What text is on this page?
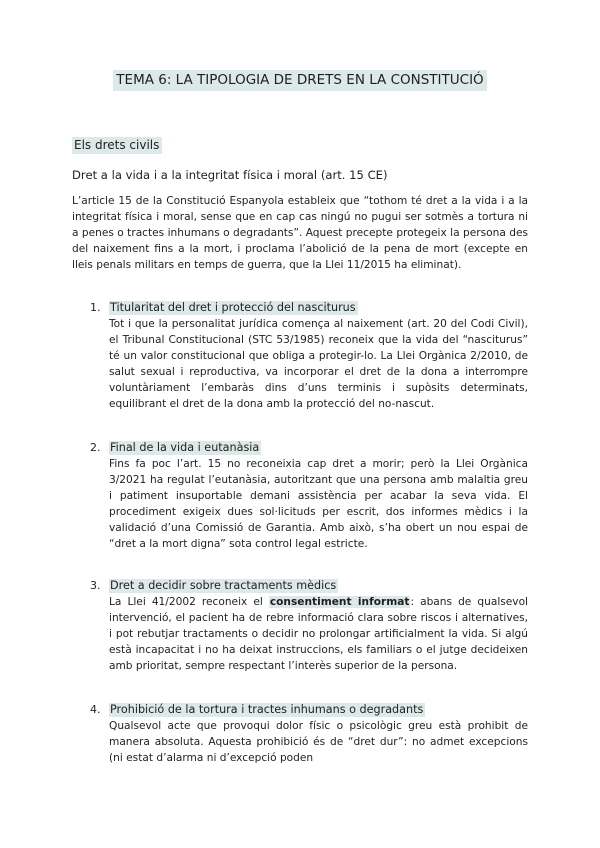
TEMA 6: LA TIPOLOGIA DE DRETS EN LA CONSTITUCIÓ
Els drets civils
Dret a la vida i a la integritat física i moral (art. 15 CE)

L’article 15 de la Constitució Espanyola estableix que “tothom té dret a la vida i a la integritat física i moral, sense que en cap cas ningú no pugui ser sotmès a tortura ni a penes o tractes inhumans o degradants”. Aquest precepte protegeix la persona des del naixement fins a la mort, i proclama l’abolició de la pena de mort (excepte en lleis penals militars en temps de guerra, que la Llei 11/2015 ha eliminat).

1. Titularitat del dret i protecció del nasciturus

Tot i que la personalitat jurídica comença al naixement (art. 20 del Codi Civil), el Tribunal Constitucional (STC 53/1985) reconeix que la vida del “nasciturus” té un valor constitucional que obliga a protegir-lo. La Llei Orgànica 2/2010, de salut sexual i reproductiva, va incorporar el dret de la dona a interrompre voluntàriament l’embaràs dins d’uns terminis i supòsits determinats, equilibrant el dret de la dona amb la protecció del no-nascut.

2. Final de la vida i eutanàsia

Fins fa poc l’art. 15 no reconeixia cap dret a morir; però la Llei Orgànica 3/2021 ha regulat l’eutanàsia, autoritzant que una persona amb malaltia greu i patiment insuportable demani assistència per acabar la seva vida. El procediment exigeix dues sol·licituds per escrit, dos informes mèdics i la validació d’una Comissió de Garantia. Amb això, s’ha obert un nou espai de “dret a la mort digna” sota control legal estricte.

3. Dret a decidir sobre tractaments mèdics

La Llei 41/2002 reconeix el consentiment informat: abans de qualsevol intervenció, el pacient ha de rebre informació clara sobre riscos i alternatives, i pot rebutjar tractaments o decidir no prolongar artificialment la vida. Si algú està incapacitat i no ha deixat instruccions, els familiars o el jutge decideixen amb prioritat, sempre respectant l’interès superior de la persona.

4. Prohibició de la tortura i tractes inhumans o degradants

Qualsevol acte que provoqui dolor físic o psicològic greu està prohibit de manera absoluta. Aquesta prohibició és de “dret dur”: no admet excepcions (ni estat d’alarma ni d’excepció poden
